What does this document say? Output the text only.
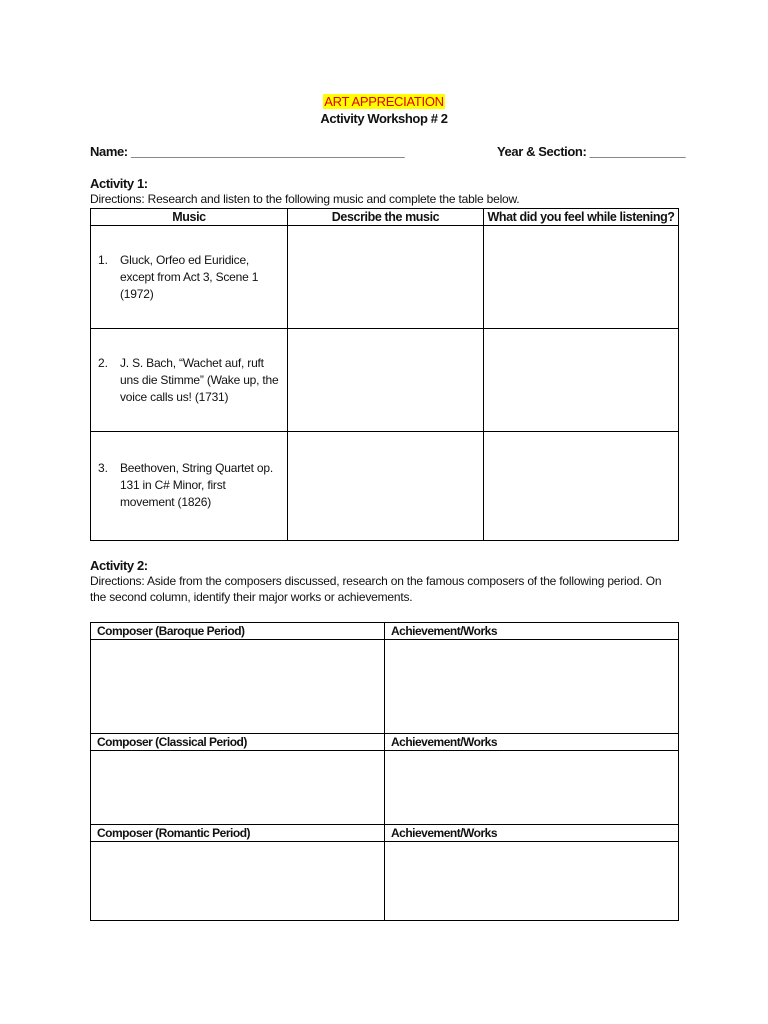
ART APPRECIATION
Activity Workshop # 2
Name: ________________________________________	Year & Section: ______________
Activity 1:
Directions: Research and listen to the following music and complete the table below.
Music	Describe the music	What did you feel while listening?

1. Gluck, Orfeo ed Euridice, except from Act 3, Scene 1 (1972)		

2. J. S. Bach, “Wachet auf, ruft uns die Stimme” (Wake up, the voice calls us! (1731)		

3. Beethoven, String Quartet op. 131 in C# Minor, first movement (1826)		

Activity 2:
Directions: Aside from the composers discussed, research on the famous composers of the following period. On the second column, identify their major works or achievements.
Composer (Baroque Period)	Achievement/Works

Composer (Classical Period)	Achievement/Works

Composer (Romantic Period)	Achievement/Works
